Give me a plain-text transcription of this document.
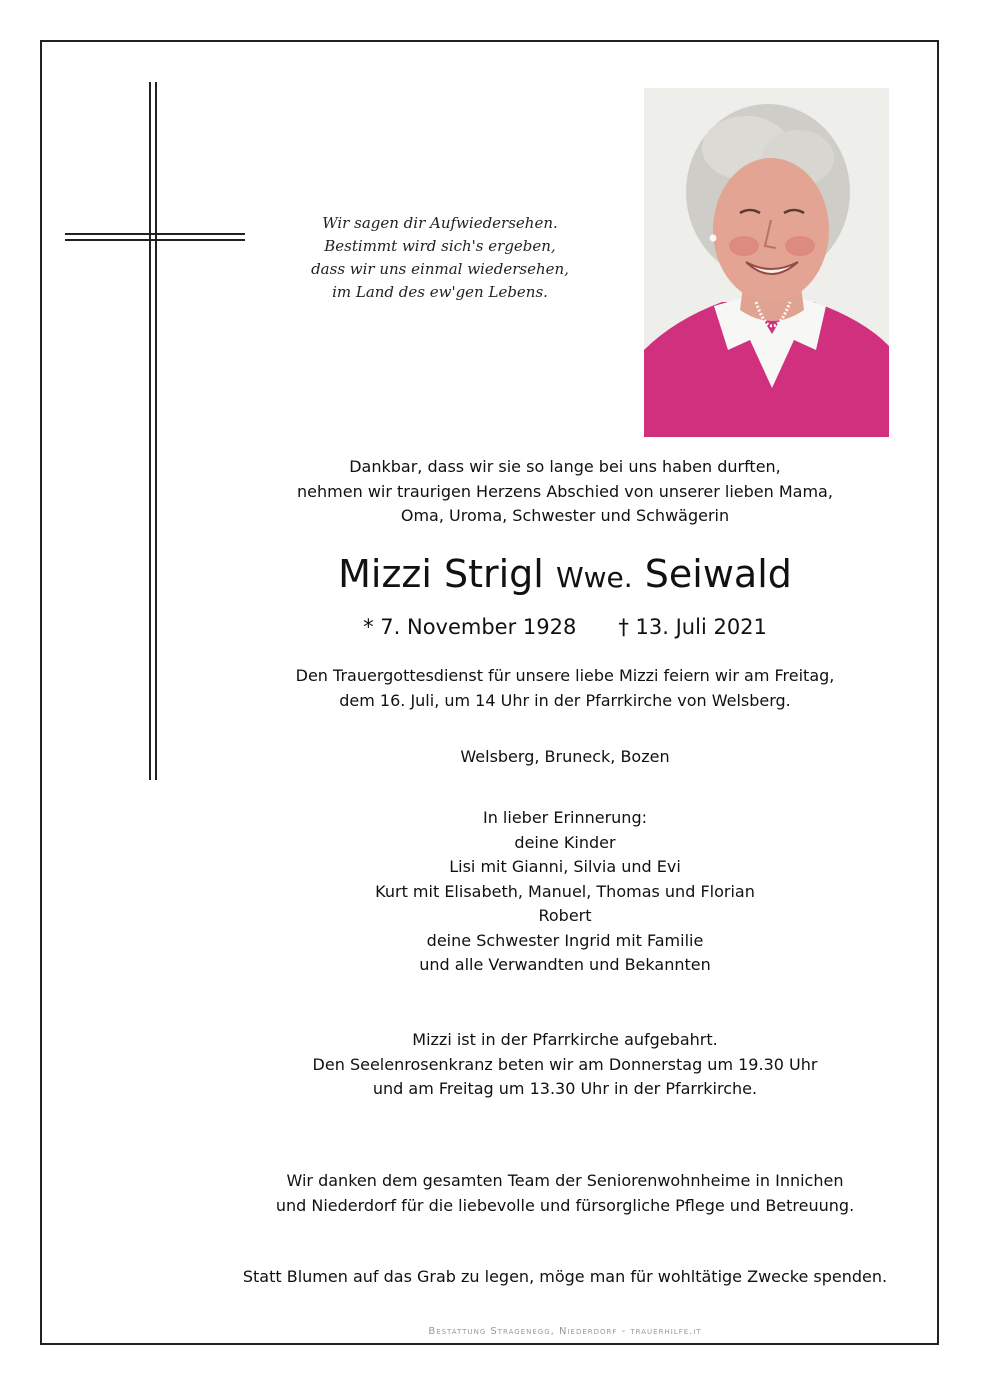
Wir sagen dir Aufwiedersehen.
Bestimmt wird sich's ergeben,
dass wir uns einmal wiedersehen,
im Land des ew'gen Lebens.
Dankbar, dass wir sie so lange bei uns haben durften,
nehmen wir traurigen Herzens Abschied von unserer lieben Mama,
Oma, Uroma, Schwester und Schwägerin
Mizzi Strigl Wwe. Seiwald
* 7. November 1928 † 13. Juli 2021
Den Trauergottesdienst für unsere liebe Mizzi feiern wir am Freitag,
dem 16. Juli, um 14 Uhr in der Pfarrkirche von Welsberg.
Welsberg, Bruneck, Bozen
In lieber Erinnerung:
deine Kinder
Lisi mit Gianni, Silvia und Evi
Kurt mit Elisabeth, Manuel, Thomas und Florian
Robert
deine Schwester Ingrid mit Familie
und alle Verwandten und Bekannten
Mizzi ist in der Pfarrkirche aufgebahrt.
Den Seelenrosenkranz beten wir am Donnerstag um 19.30 Uhr
und am Freitag um 13.30 Uhr in der Pfarrkirche.
Wir danken dem gesamten Team der Seniorenwohnheime in Innichen
und Niederdorf für die liebevolle und fürsorgliche Pflege und Betreuung.
Statt Blumen auf das Grab zu legen, möge man für wohltätige Zwecke spenden.
Bestattung Stragenegg, Niederdorf - trauerhilfe.it
